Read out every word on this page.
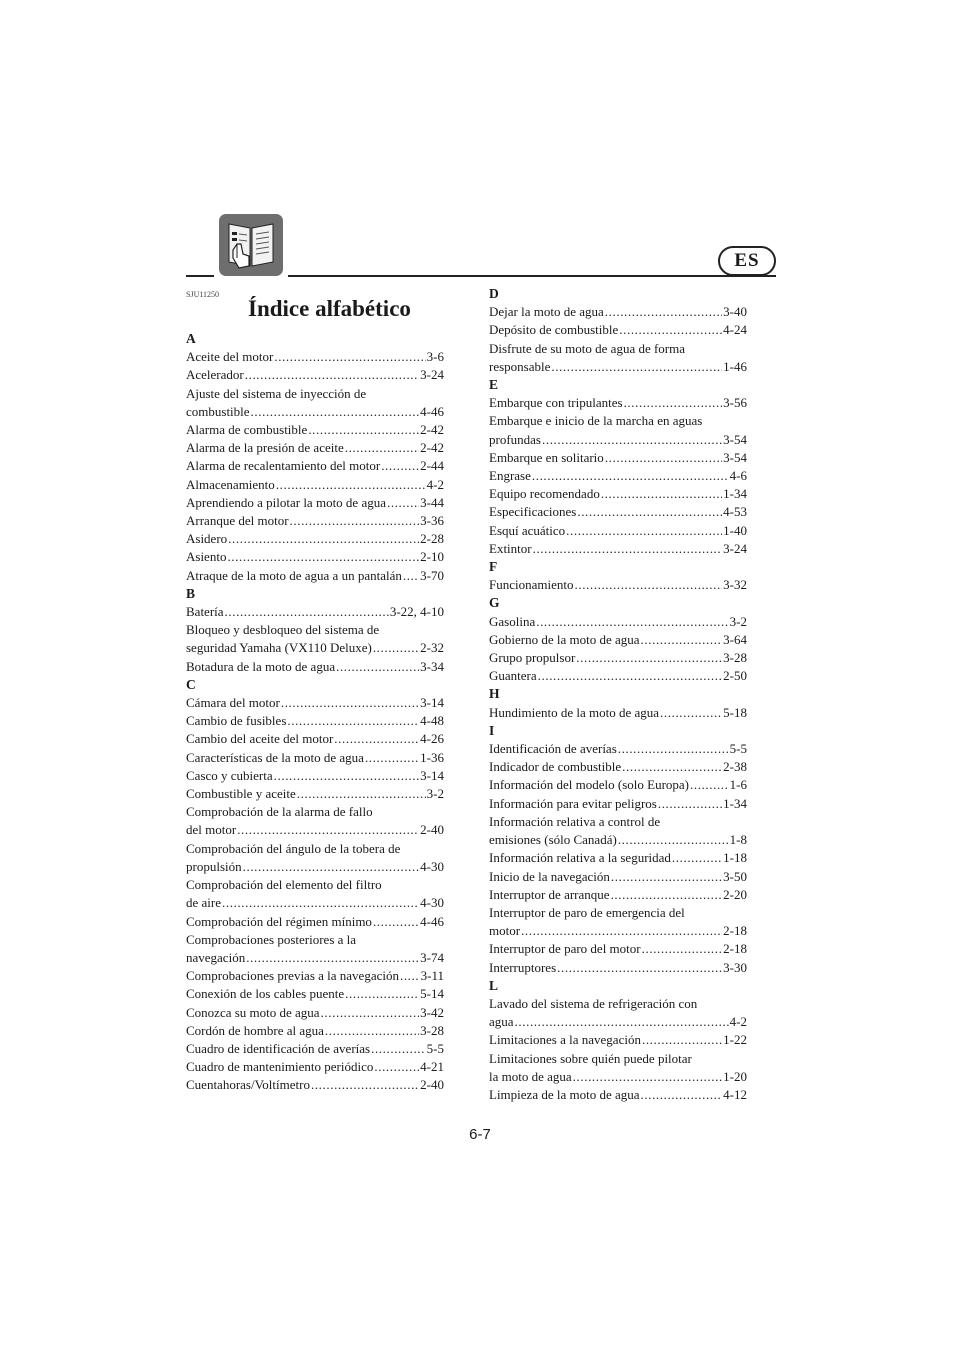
ES
SJU11250
Índice alfabético
A
Aceite del motor .....	3-6
Acelerador .....	3-24
Ajuste del sistema de inyección de
combustible .....	4-46
Alarma de combustible .....	2-42
Alarma de la presión de aceite .....	2-42
Alarma de recalentamiento del motor .....	2-44
Almacenamiento .....	4-2
Aprendiendo a pilotar la moto de agua .....	3-44
Arranque del motor .....	3-36
Asidero .....	2-28
Asiento .....	2-10
Atraque de la moto de agua a un pantalán ..... 3-70
B
Batería .....	3-22, 4-10
Bloqueo y desbloqueo del sistema de
seguridad Yamaha (VX110 Deluxe) .....	2-32
Botadura de la moto de agua .....	3-34
C
Cámara del motor .....	3-14
Cambio de fusibles .....	4-48
Cambio del aceite del motor .....	4-26
Características de la moto de agua .....	1-36
Casco y cubierta .....	3-14
Combustible y aceite .....	3-2
Comprobación de la alarma de fallo
del motor .....	2-40
Comprobación del ángulo de la tobera de
propulsión .....	4-30
Comprobación del elemento del filtro
de aire .....	4-30
Comprobación del régimen mínimo .....	4-46
Comprobaciones posteriores a la
navegación .....	3-74
Comprobaciones previas a la navegación ..... 3-11
Conexión de los cables puente .....	5-14
Conozca su moto de agua .....	3-42
Cordón de hombre al agua .....	3-28
Cuadro de identificación de averías .....	5-5
Cuadro de mantenimiento periódico .....	4-21
Cuentahoras/Voltímetro .....	2-40
D
Dejar la moto de agua .....	3-40
Depósito de combustible .....	4-24
Disfrute de su moto de agua de forma
responsable .....	1-46
E
Embarque con tripulantes .....	3-56
Embarque e inicio de la marcha en aguas
profundas .....	3-54
Embarque en solitario .....	3-54
Engrase .....	4-6
Equipo recomendado .....	1-34
Especificaciones .....	4-53
Esquí acuático .....	1-40
Extintor .....	3-24
F
Funcionamiento .....	3-32
G
Gasolina .....	3-2
Gobierno de la moto de agua .....	3-64
Grupo propulsor .....	3-28
Guantera .....	2-50
H
Hundimiento de la moto de agua .....	5-18
I
Identificación de averías .....	5-5
Indicador de combustible .....	2-38
Información del modelo (solo Europa) .....	1-6
Información para evitar peligros .....	1-34
Información relativa a control de
emisiones (sólo Canadá) .....	1-8
Información relativa a la seguridad .....	1-18
Inicio de la navegación .....	3-50
Interruptor de arranque .....	2-20
Interruptor de paro de emergencia del
motor .....	2-18
Interruptor de paro del motor .....	2-18
Interruptores .....	3-30
L
Lavado del sistema de refrigeración con
agua .....	4-2
Limitaciones a la navegación .....	1-22
Limitaciones sobre quién puede pilotar
la moto de agua .....	1-20
Limpieza de la moto de agua .....	4-12
6-7
